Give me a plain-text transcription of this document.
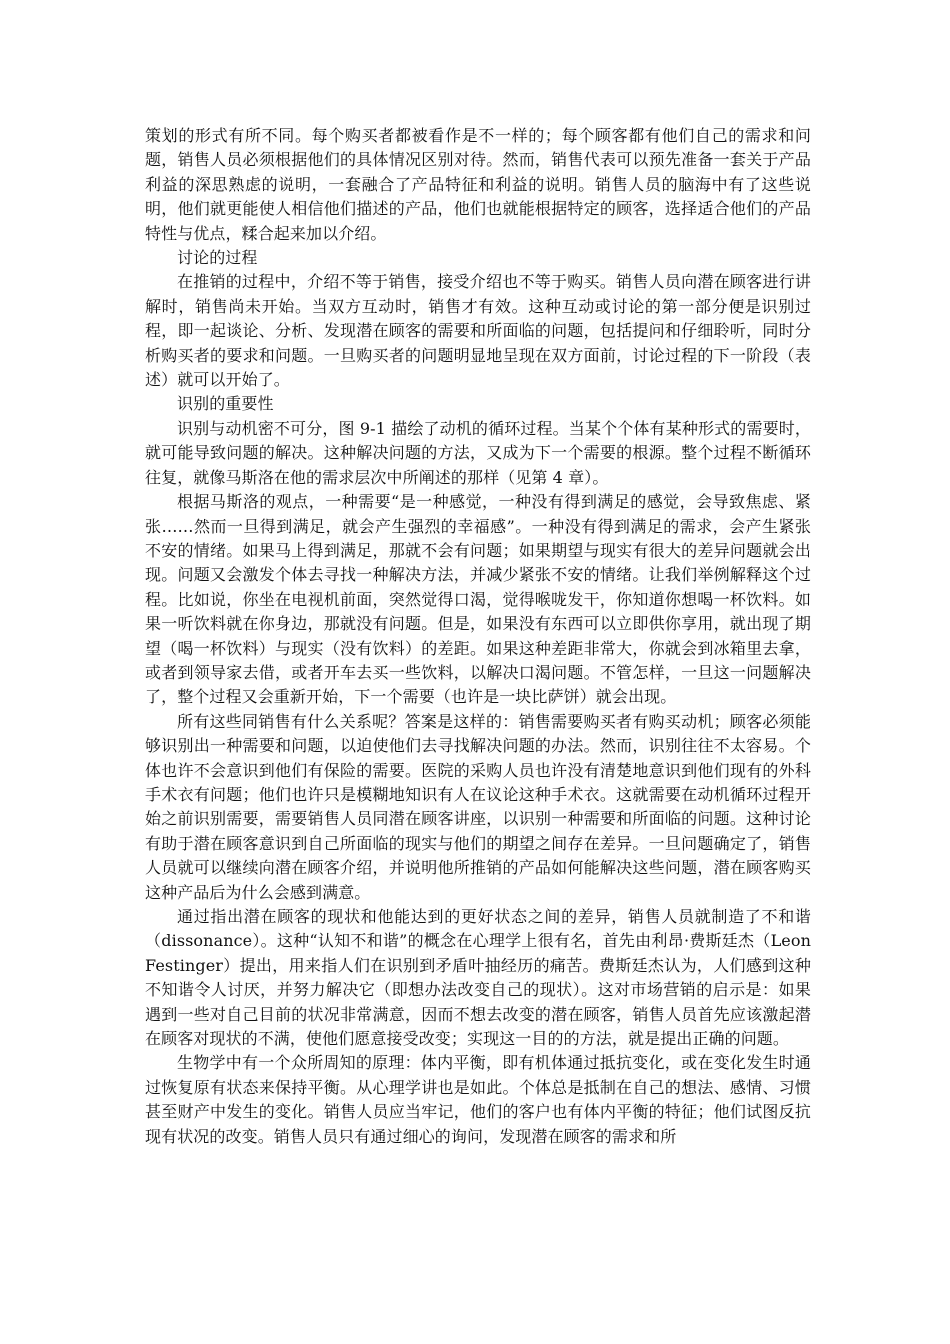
策划的形式有所不同。每个购买者都被看作是不一样的；每个顾客都有他们自己的需求和问题，销售人员必须根据他们的具体情况区别对待。然而，销售代表可以预先准备一套关于产品利益的深思熟虑的说明，一套融合了产品特征和利益的说明。销售人员的脑海中有了这些说明，他们就更能使人相信他们描述的产品，他们也就能根据特定的顾客，选择适合他们的产品特性与优点，糅合起来加以介绍。

讨论的过程

在推销的过程中，介绍不等于销售，接受介绍也不等于购买。销售人员向潜在顾客进行讲解时，销售尚未开始。当双方互动时，销售才有效。这种互动或讨论的第一部分便是识别过程，即一起谈论、分析、发现潜在顾客的需要和所面临的问题，包括提问和仔细聆听，同时分析购买者的要求和问题。一旦购买者的问题明显地呈现在双方面前，讨论过程的下一阶段（表述）就可以开始了。

识别的重要性

识别与动机密不可分，图 9-1 描绘了动机的循环过程。当某个个体有某种形式的需要时，就可能导致问题的解决。这种解决问题的方法，又成为下一个需要的根源。整个过程不断循环往复，就像马斯洛在他的需求层次中所阐述的那样（见第 4 章）。

根据马斯洛的观点，一种需要“是一种感觉，一种没有得到满足的感觉，会导致焦虑、紧张……然而一旦得到满足，就会产生强烈的幸福感”。一种没有得到满足的需求，会产生紧张不安的情绪。如果马上得到满足，那就不会有问题；如果期望与现实有很大的差异问题就会出现。问题又会激发个体去寻找一种解决方法，并减少紧张不安的情绪。让我们举例解释这个过程。比如说，你坐在电视机前面，突然觉得口渴，觉得喉咙发干，你知道你想喝一杯饮料。如果一听饮料就在你身边，那就没有问题。但是，如果没有东西可以立即供你享用，就出现了期望（喝一杯饮料）与现实（没有饮料）的差距。如果这种差距非常大，你就会到冰箱里去拿，或者到领导家去借，或者开车去买一些饮料，以解决口渴问题。不管怎样，一旦这一问题解决了，整个过程又会重新开始，下一个需要（也许是一块比萨饼）就会出现。

所有这些同销售有什么关系呢？答案是这样的：销售需要购买者有购买动机；顾客必须能够识别出一种需要和问题，以迫使他们去寻找解决问题的办法。然而，识别往往不太容易。个体也许不会意识到他们有保险的需要。医院的采购人员也许没有清楚地意识到他们现有的外科手术衣有问题；他们也许只是模糊地知识有人在议论这种手术衣。这就需要在动机循环过程开始之前识别需要，需要销售人员同潜在顾客讲座，以识别一种需要和所面临的问题。这种讨论有助于潜在顾客意识到自己所面临的现实与他们的期望之间存在差异。一旦问题确定了，销售人员就可以继续向潜在顾客介绍，并说明他所推销的产品如何能解决这些问题，潜在顾客购买这种产品后为什么会感到满意。

通过指出潜在顾客的现状和他能达到的更好状态之间的差异，销售人员就制造了不和谐（dissonance）。这种“认知不和谐”的概念在心理学上很有名，首先由利昂·费斯廷杰（Leon Festinger）提出，用来指人们在识别到矛盾叶抽经历的痛苦。费斯廷杰认为，人们感到这种不知谐令人讨厌，并努力解决它（即想办法改变自己的现状）。这对市场营销的启示是：如果遇到一些对自己目前的状况非常满意，因而不想去改变的潜在顾客，销售人员首先应该激起潜在顾客对现状的不满，使他们愿意接受改变；实现这一目的的方法，就是提出正确的问题。

生物学中有一个众所周知的原理：体内平衡，即有机体通过抵抗变化，或在变化发生时通过恢复原有状态来保持平衡。从心理学讲也是如此。个体总是抵制在自己的想法、感情、习惯甚至财产中发生的变化。销售人员应当牢记，他们的客户也有体内平衡的特征；他们试图反抗现有状况的改变。销售人员只有通过细心的询问，发现潜在顾客的需求和所
